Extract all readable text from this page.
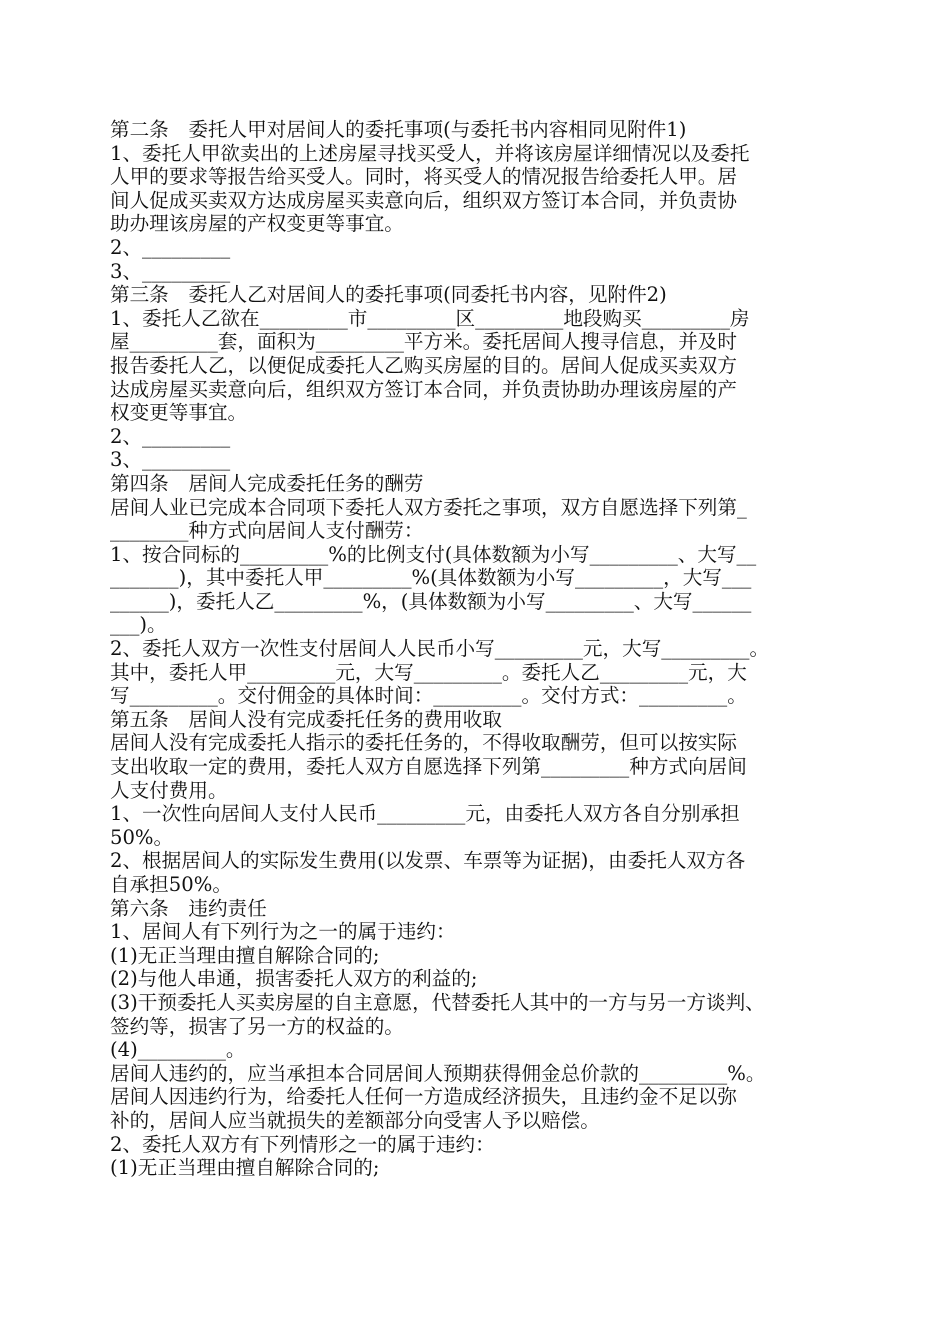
第二条　委托人甲对居间人的委托事项(与委托书内容相同见附件1)

1、委托人甲欲卖出的上述房屋寻找买受人，并将该房屋详细情况以及委托

人甲的要求等报告给买受人。同时，将买受人的情况报告给委托人甲。居

间人促成买卖双方达成房屋买卖意向后，组织双方签订本合同，并负责协

助办理该房屋的产权变更等事宜。

2、_________

3、_________

第三条　委托人乙对居间人的委托事项(同委托书内容，见附件2)

1、委托人乙欲在_________市_________区_________地段购买_________房

屋_________套，面积为_________平方米。委托居间人搜寻信息，并及时

报告委托人乙，以便促成委托人乙购买房屋的目的。居间人促成买卖双方

达成房屋买卖意向后，组织双方签订本合同，并负责协助办理该房屋的产

权变更等事宜。

2、_________

3、_________

第四条　居间人完成委托任务的酬劳

居间人业已完成本合同项下委托人双方委托之事项，双方自愿选择下列第_

________种方式向居间人支付酬劳：

1、按合同标的_________%的比例支付(具体数额为小写_________、大写__

_______)，其中委托人甲_________%(具体数额为小写_________，大写___

______)，委托人乙_________%，(具体数额为小写_________、大写______

___)。

2、委托人双方一次性支付居间人人民币小写_________元，大写_________。

其中，委托人甲_________元，大写_________。委托人乙_________元，大

写_________。交付佣金的具体时间：_________。交付方式：_________。

第五条　居间人没有完成委托任务的费用收取

居间人没有完成委托人指示的委托任务的，不得收取酬劳，但可以按实际

支出收取一定的费用，委托人双方自愿选择下列第_________种方式向居间

人支付费用。

1、一次性向居间人支付人民币_________元，由委托人双方各自分别承担

50%。

2、根据居间人的实际发生费用(以发票、车票等为证据)，由委托人双方各

自承担50%。

第六条　违约责任

1、居间人有下列行为之一的属于违约：

(1)无正当理由擅自解除合同的;

(2)与他人串通，损害委托人双方的利益的;

(3)干预委托人买卖房屋的自主意愿，代替委托人其中的一方与另一方谈判、

签约等，损害了另一方的权益的。

(4)_________。

居间人违约的，应当承担本合同居间人预期获得佣金总价款的_________%。

居间人因违约行为，给委托人任何一方造成经济损失，且违约金不足以弥

补的，居间人应当就损失的差额部分向受害人予以赔偿。

2、委托人双方有下列情形之一的属于违约：

(1)无正当理由擅自解除合同的;
